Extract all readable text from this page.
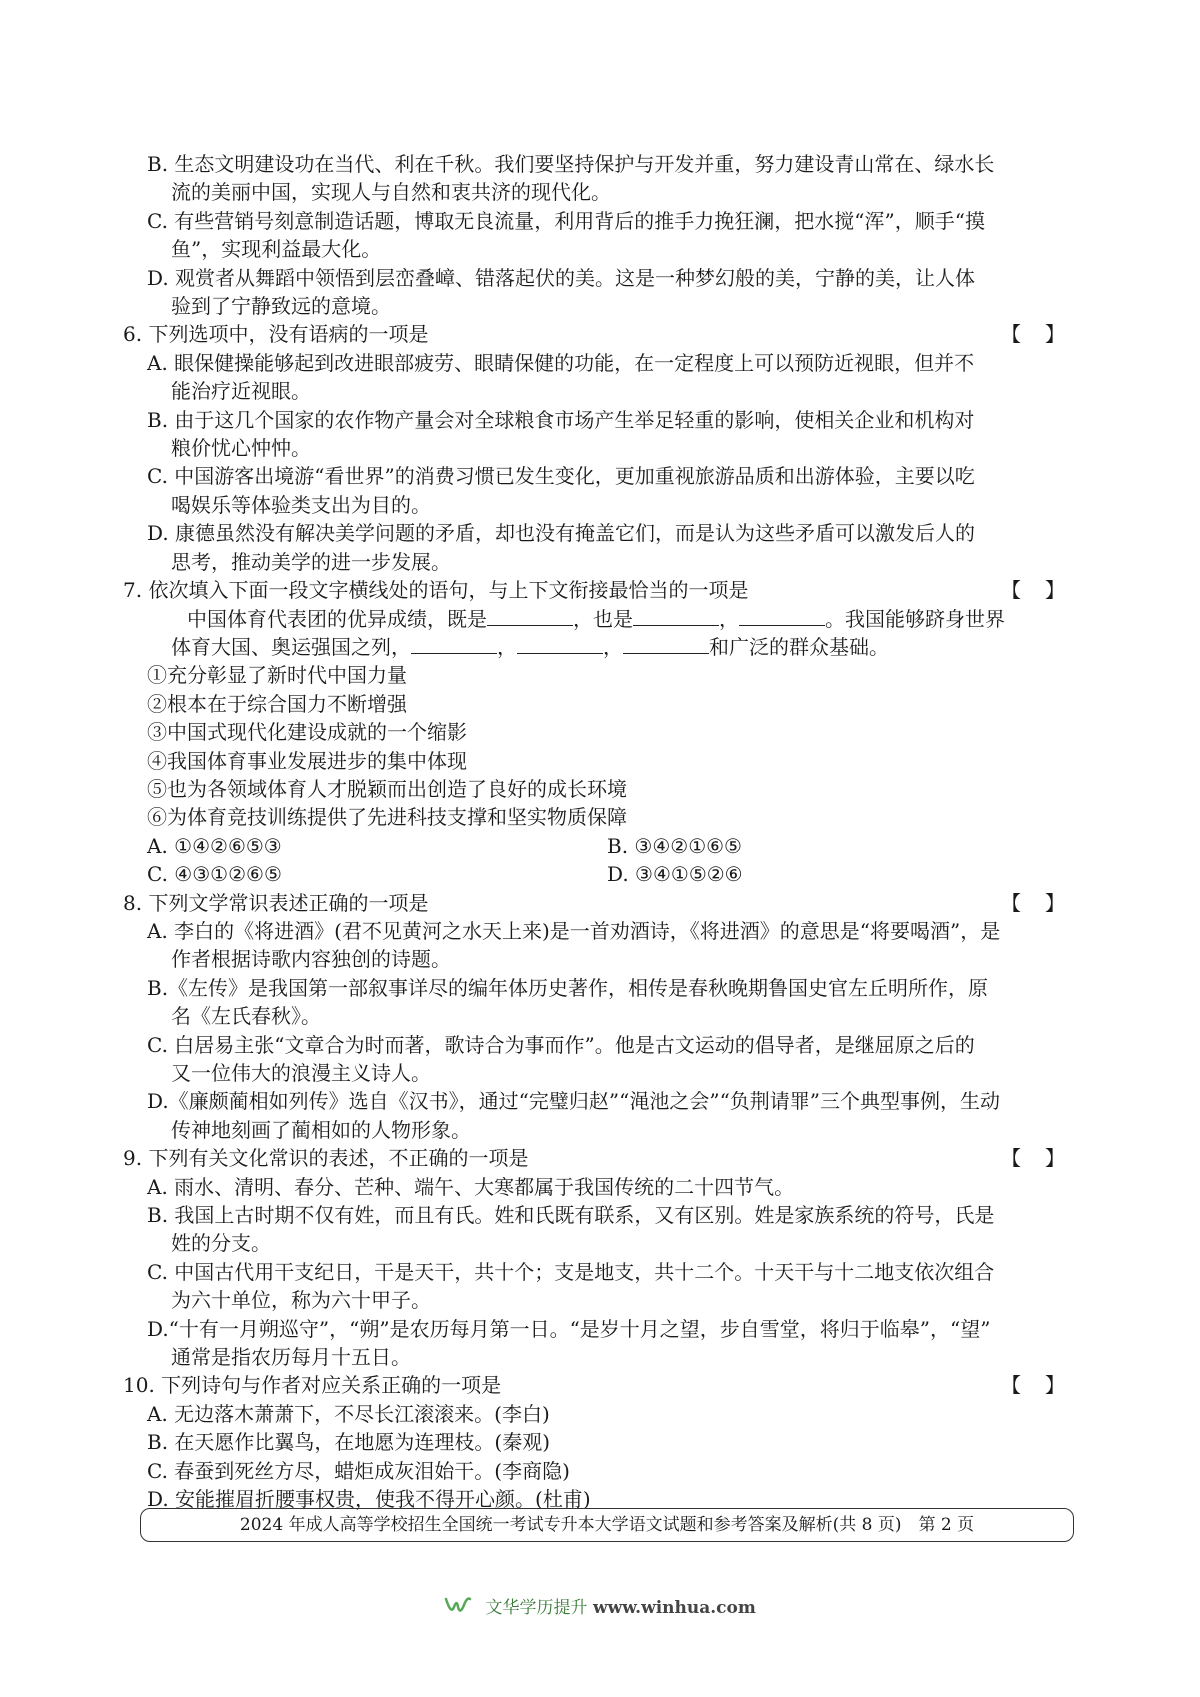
B. 生态文明建设功在当代、利在千秋。我们要坚持保护与开发并重，努力建设青山常在、绿水长
流的美丽中国，实现人与自然和衷共济的现代化。
C. 有些营销号刻意制造话题，博取无良流量，利用背后的推手力挽狂澜，把水搅“浑”，顺手“摸
鱼”，实现利益最大化。
D. 观赏者从舞蹈中领悟到层峦叠嶂、错落起伏的美。这是一种梦幻般的美，宁静的美，让人体
验到了宁静致远的意境。
6. 下列选项中，没有语病的一项是	【　】
A. 眼保健操能够起到改进眼部疲劳、眼睛保健的功能，在一定程度上可以预防近视眼，但并不
能治疗近视眼。
B. 由于这几个国家的农作物产量会对全球粮食市场产生举足轻重的影响，使相关企业和机构对
粮价忧心忡忡。
C. 中国游客出境游“看世界”的消费习惯已发生变化，更加重视旅游品质和出游体验，主要以吃
喝娱乐等体验类支出为目的。
D. 康德虽然没有解决美学问题的矛盾，却也没有掩盖它们，而是认为这些矛盾可以激发后人的
思考，推动美学的进一步发展。
7. 依次填入下面一段文字横线处的语句，与上下文衔接最恰当的一项是	【　】
中国体育代表团的优异成绩，既是	，也是	，	。我国能够跻身世界
体育大国、奥运强国之列，	，	，	和广泛的群众基础。
①充分彰显了新时代中国力量
②根本在于综合国力不断增强
③中国式现代化建设成就的一个缩影
④我国体育事业发展进步的集中体现
⑤也为各领域体育人才脱颖而出创造了良好的成长环境
⑥为体育竞技训练提供了先进科技支撑和坚实物质保障
A. ①④②⑥⑤③	B. ③④②①⑥⑤
C. ④③①②⑥⑤	D. ③④①⑤②⑥
8. 下列文学常识表述正确的一项是	【　】
A. 李白的《将进酒》(君不见黄河之水天上来)是一首劝酒诗，《将进酒》的意思是“将要喝酒”，是
作者根据诗歌内容独创的诗题。
B.《左传》是我国第一部叙事详尽的编年体历史著作，相传是春秋晚期鲁国史官左丘明所作，原
名《左氏春秋》。
C. 白居易主张“文章合为时而著，歌诗合为事而作”。他是古文运动的倡导者，是继屈原之后的
又一位伟大的浪漫主义诗人。
D.《廉颇蔺相如列传》选自《汉书》，通过“完璧归赵”“渑池之会”“负荆请罪”三个典型事例，生动
传神地刻画了蔺相如的人物形象。
9. 下列有关文化常识的表述，不正确的一项是	【　】
A. 雨水、清明、春分、芒种、端午、大寒都属于我国传统的二十四节气。
B. 我国上古时期不仅有姓，而且有氏。姓和氏既有联系，又有区别。姓是家族系统的符号，氏是
姓的分支。
C. 中国古代用干支纪日，干是天干，共十个；支是地支，共十二个。十天干与十二地支依次组合
为六十单位，称为六十甲子。
D.“十有一月朔巡守”，“朔”是农历每月第一日。“是岁十月之望，步自雪堂，将归于临皋”，“望”
通常是指农历每月十五日。
10. 下列诗句与作者对应关系正确的一项是	【　】
A. 无边落木萧萧下，不尽长江滚滚来。(李白)
B. 在天愿作比翼鸟，在地愿为连理枝。(秦观)
C. 春蚕到死丝方尽，蜡炬成灰泪始干。(李商隐)
D. 安能摧眉折腰事权贵，使我不得开心颜。(杜甫)
2024 年成人高等学校招生全国统一考试专升本大学语文试题和参考答案及解析(共 8 页)　第 2 页
文华学历提升 www.winhua.com
